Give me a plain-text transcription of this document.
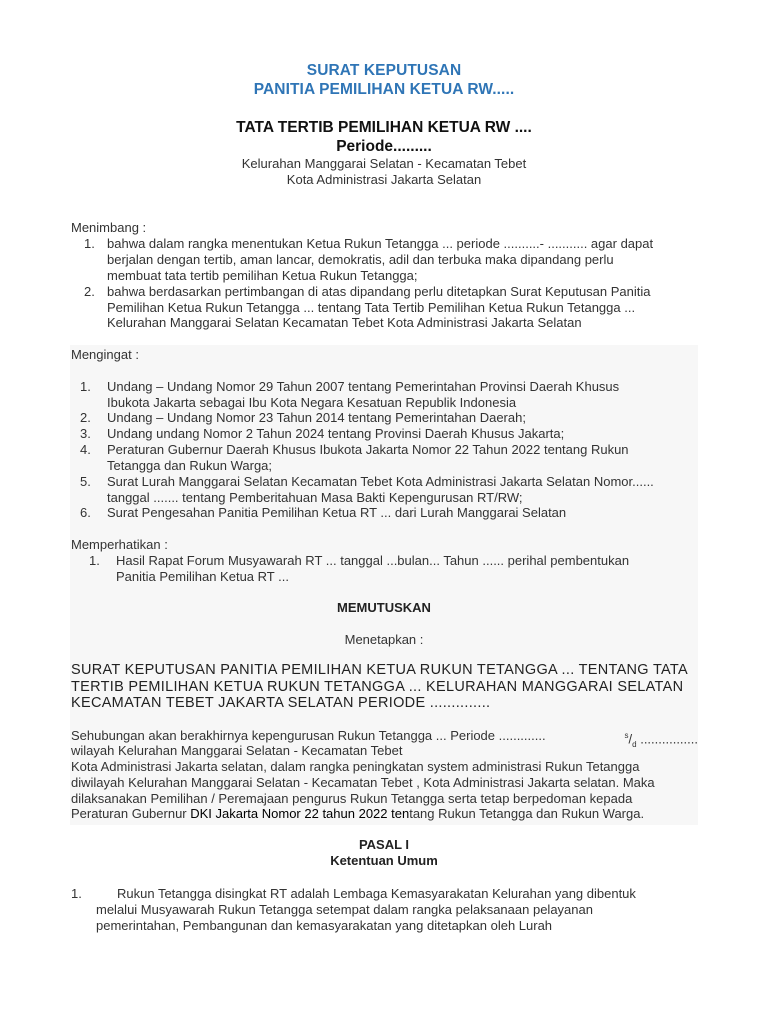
SURAT KEPUTUSAN
PANITIA PEMILIHAN KETUA RW.....
TATA TERTIB PEMILIHAN KETUA RW ....
Periode.........
Kelurahan Manggarai Selatan - Kecamatan Tebet
Kota Administrasi Jakarta Selatan
Menimbang :
1. bahwa dalam rangka menentukan Ketua Rukun Tetangga ... periode ..........- ........... agar dapat
berjalan dengan tertib, aman lancar, demokratis, adil dan terbuka maka dipandang perlu
membuat tata tertib pemilihan Ketua Rukun Tetangga;
2. bahwa berdasarkan pertimbangan di atas dipandang perlu ditetapkan Surat Keputusan Panitia
Pemilihan Ketua Rukun Tetangga ... tentang Tata Tertib Pemilihan Ketua Rukun Tetangga ...
Kelurahan Manggarai Selatan Kecamatan Tebet Kota Administrasi Jakarta Selatan
Mengingat :
1. Undang – Undang Nomor 29 Tahun 2007 tentang Pemerintahan Provinsi Daerah Khusus
Ibukota Jakarta sebagai Ibu Kota Negara Kesatuan Republik Indonesia
2. Undang – Undang Nomor 23 Tahun 2014 tentang Pemerintahan Daerah;
3. Undang undang Nomor 2 Tahun 2024 tentang Provinsi Daerah Khusus Jakarta;
4. Peraturan Gubernur Daerah Khusus Ibukota Jakarta Nomor 22 Tahun 2022 tentang Rukun
Tetangga dan Rukun Warga;
5. Surat Lurah Manggarai Selatan Kecamatan Tebet Kota Administrasi Jakarta Selatan Nomor......
tanggal ....... tentang Pemberitahuan Masa Bakti Kepengurusan RT/RW;
6. Surat Pengesahan Panitia Pemilihan Ketua RT ... dari Lurah Manggarai Selatan
Memperhatikan :
1. Hasil Rapat Forum Musyawarah RT ... tanggal ...bulan... Tahun ...... perihal pembentukan
Panitia Pemilihan Ketua RT ...
MEMUTUSKAN
Menetapkan :
SURAT KEPUTUSAN PANITIA PEMILIHAN KETUA RUKUN TETANGGA ... TENTANG TATA
TERTIB PEMILIHAN KETUA RUKUN TETANGGA ... KELURAHAN MANGGARAI SELATAN
KECAMATAN TEBET JAKARTA SELATAN PERIODE ..............
Sehubungan akan berakhirnya kepengurusan Rukun Tetangga ... Periode .............	$^s/_d$ ................
wilayah Kelurahan Manggarai Selatan - Kecamatan Tebet
Kota Administrasi Jakarta selatan, dalam rangka peningkatan system administrasi Rukun Tetangga
diwilayah Kelurahan Manggarai Selatan - Kecamatan Tebet , Kota Administrasi Jakarta selatan. Maka
dilaksanakan Pemilihan / Peremajaan pengurus Rukun Tetangga serta tetap berpedoman kepada
Peraturan Gubernur DKI Jakarta Nomor 22 tahun 2022 tentang Rukun Tetangga dan Rukun Warga.
PASAL I
Ketentuan Umum
1.	Rukun Tetangga disingkat RT adalah Lembaga Kemasyarakatan Kelurahan yang dibentuk
melalui Musyawarah Rukun Tetangga setempat dalam rangka pelaksanaan pelayanan
pemerintahan, Pembangunan dan kemasyarakatan yang ditetapkan oleh Lurah
